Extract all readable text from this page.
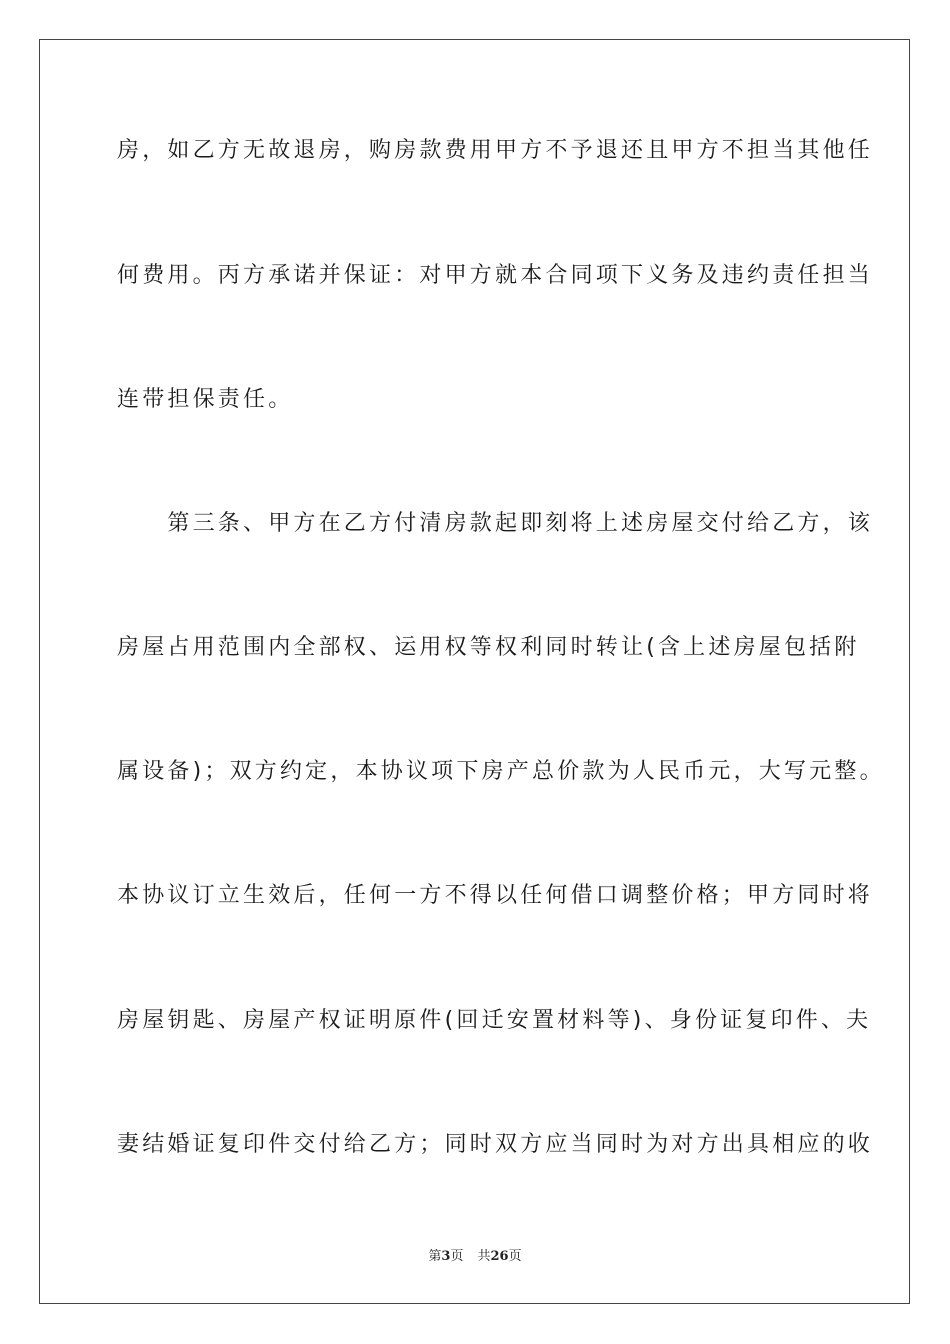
房，如乙方无故退房，购房款费用甲方不予退还且甲方不担当其他任

何费用。丙方承诺并保证：对甲方就本合同项下义务及违约责任担当

连带担保责任。

　　第三条、甲方在乙方付清房款起即刻将上述房屋交付给乙方，该

房屋占用范围内全部权、运用权等权利同时转让(含上述房屋包括附

属设备)；双方约定，本协议项下房产总价款为人民币元，大写元整。

本协议订立生效后，任何一方不得以任何借口调整价格；甲方同时将

房屋钥匙、房屋产权证明原件(回迁安置材料等)、身份证复印件、夫

妻结婚证复印件交付给乙方；同时双方应当同时为对方出具相应的收

第3页 共26页
